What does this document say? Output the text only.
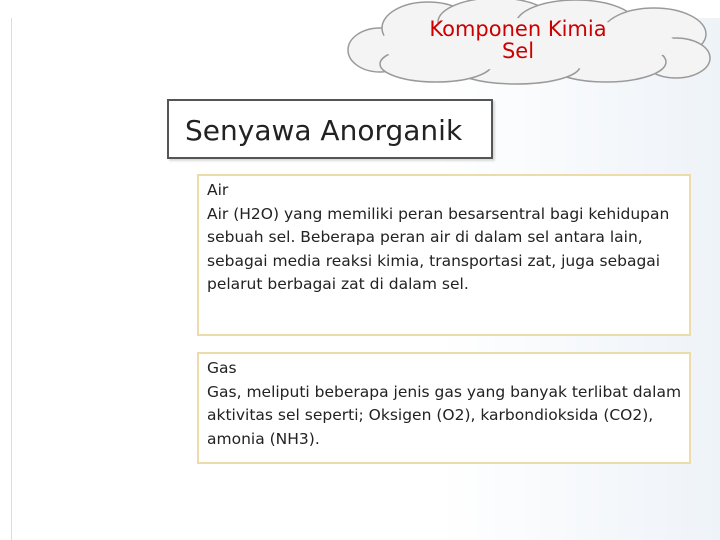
Komponen Kimia
Sel
Senyawa Anorganik

Air

Air (H2O) yang memiliki peran besarsentral bagi kehidupan sebuah sel. Beberapa peran air di dalam sel antara lain, sebagai media reaksi kimia, transportasi zat, juga sebagai pelarut berbagai zat di dalam sel.

Gas

Gas, meliputi beberapa jenis gas yang banyak terlibat dalam aktivitas sel seperti; Oksigen (O2), karbondioksida (CO2), amonia (NH3).
